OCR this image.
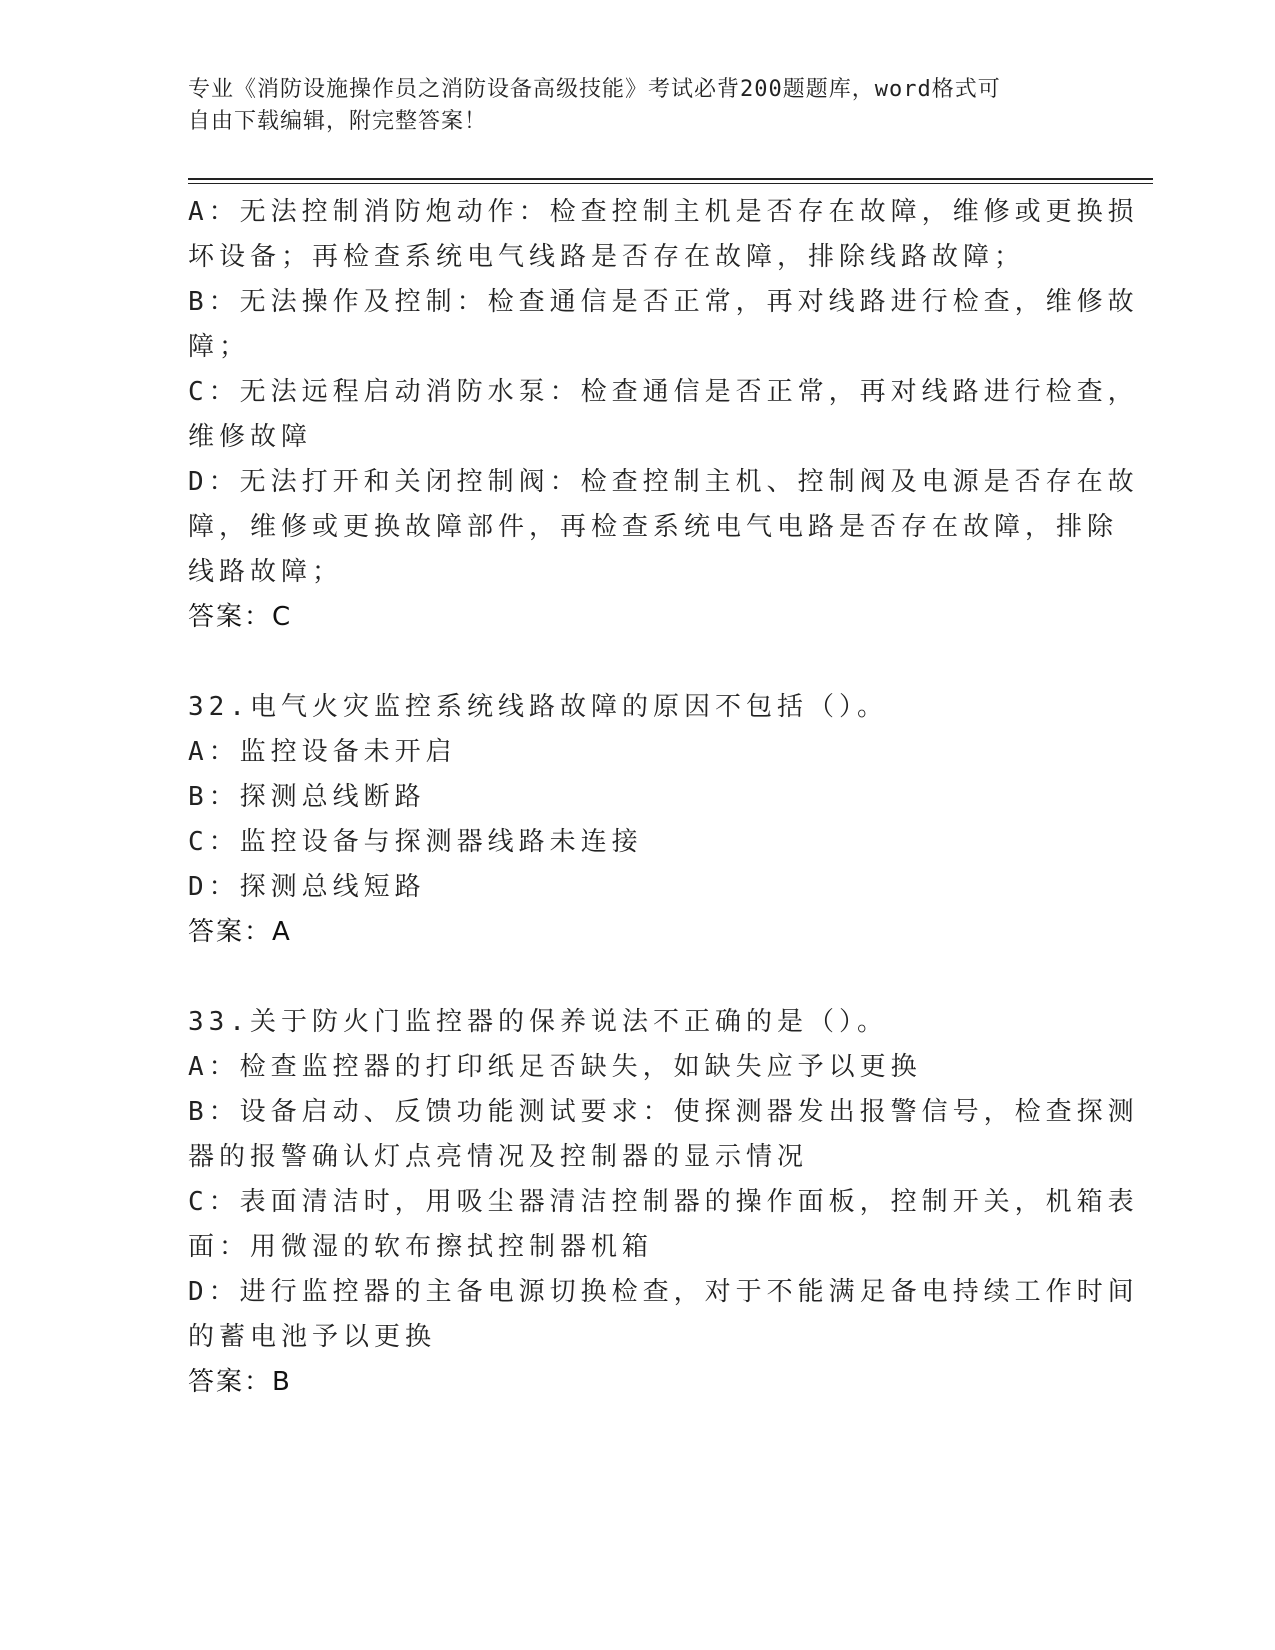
专业《消防设施操作员之消防设备高级技能》考试必背200题题库，word格式可
自由下载编辑，附完整答案！
A：无法控制消防炮动作：检查控制主机是否存在故障，维修或更换损
坏设备；再检查系统电气线路是否存在故障，排除线路故障；
B：无法操作及控制：检查通信是否正常，再对线路进行检查，维修故
障；
C：无法远程启动消防水泵：检查通信是否正常，再对线路进行检查，
维修故障
D：无法打开和关闭控制阀：检查控制主机、控制阀及电源是否存在故
障，维修或更换故障部件，再检查系统电气电路是否存在故障，排除
线路故障；
答案：C
32.电气火灾监控系统线路故障的原因不包括（）。
A：监控设备未开启
B：探测总线断路
C：监控设备与探测器线路未连接
D：探测总线短路
答案：A
33.关于防火门监控器的保养说法不正确的是（）。
A：检查监控器的打印纸足否缺失，如缺失应予以更换
B：设备启动、反馈功能测试要求：使探测器发出报警信号，检查探测
器的报警确认灯点亮情况及控制器的显示情况
C：表面清洁时，用吸尘器清洁控制器的操作面板，控制开关，机箱表
面：用微湿的软布擦拭控制器机箱
D：进行监控器的主备电源切换检查，对于不能满足备电持续工作时间
的蓄电池予以更换
答案：B
